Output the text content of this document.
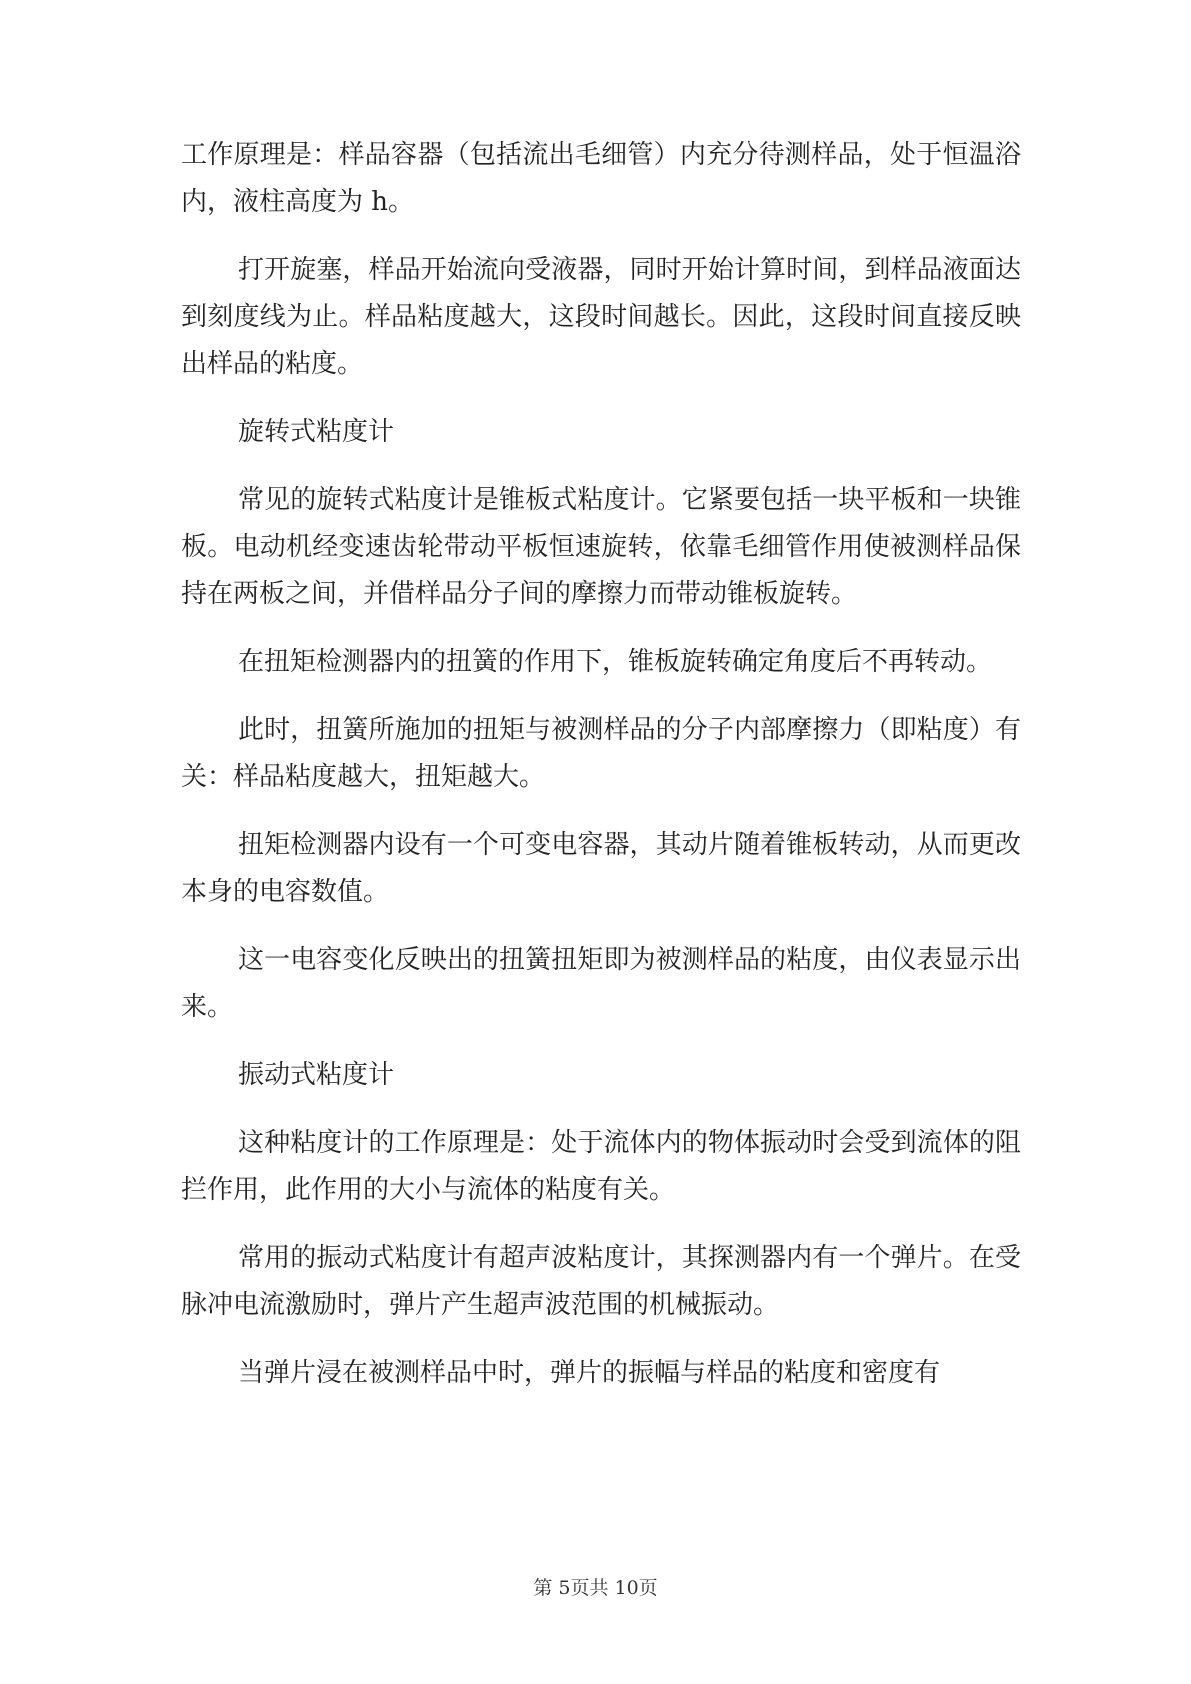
工作原理是：样品容器（包括流出毛细管）内充分待测样品，处于恒温浴内，液柱高度为 h。

打开旋塞，样品开始流向受液器，同时开始计算时间，到样品液面达到刻度线为止。样品粘度越大，这段时间越长。因此，这段时间直接反映出样品的粘度。

旋转式粘度计

常见的旋转式粘度计是锥板式粘度计。它紧要包括一块平板和一块锥板。电动机经变速齿轮带动平板恒速旋转，依靠毛细管作用使被测样品保持在两板之间，并借样品分子间的摩擦力而带动锥板旋转。

在扭矩检测器内的扭簧的作用下，锥板旋转确定角度后不再转动。

此时，扭簧所施加的扭矩与被测样品的分子内部摩擦力（即粘度）有关：样品粘度越大，扭矩越大。

扭矩检测器内设有一个可变电容器，其动片随着锥板转动，从而更改本身的电容数值。

这一电容变化反映出的扭簧扭矩即为被测样品的粘度，由仪表显示出来。

振动式粘度计

这种粘度计的工作原理是：处于流体内的物体振动时会受到流体的阻拦作用，此作用的大小与流体的粘度有关。

常用的振动式粘度计有超声波粘度计，其探测器内有一个弹片。在受脉冲电流激励时，弹片产生超声波范围的机械振动。

当弹片浸在被测样品中时，弹片的振幅与样品的粘度和密度有

第 5页共 10页
